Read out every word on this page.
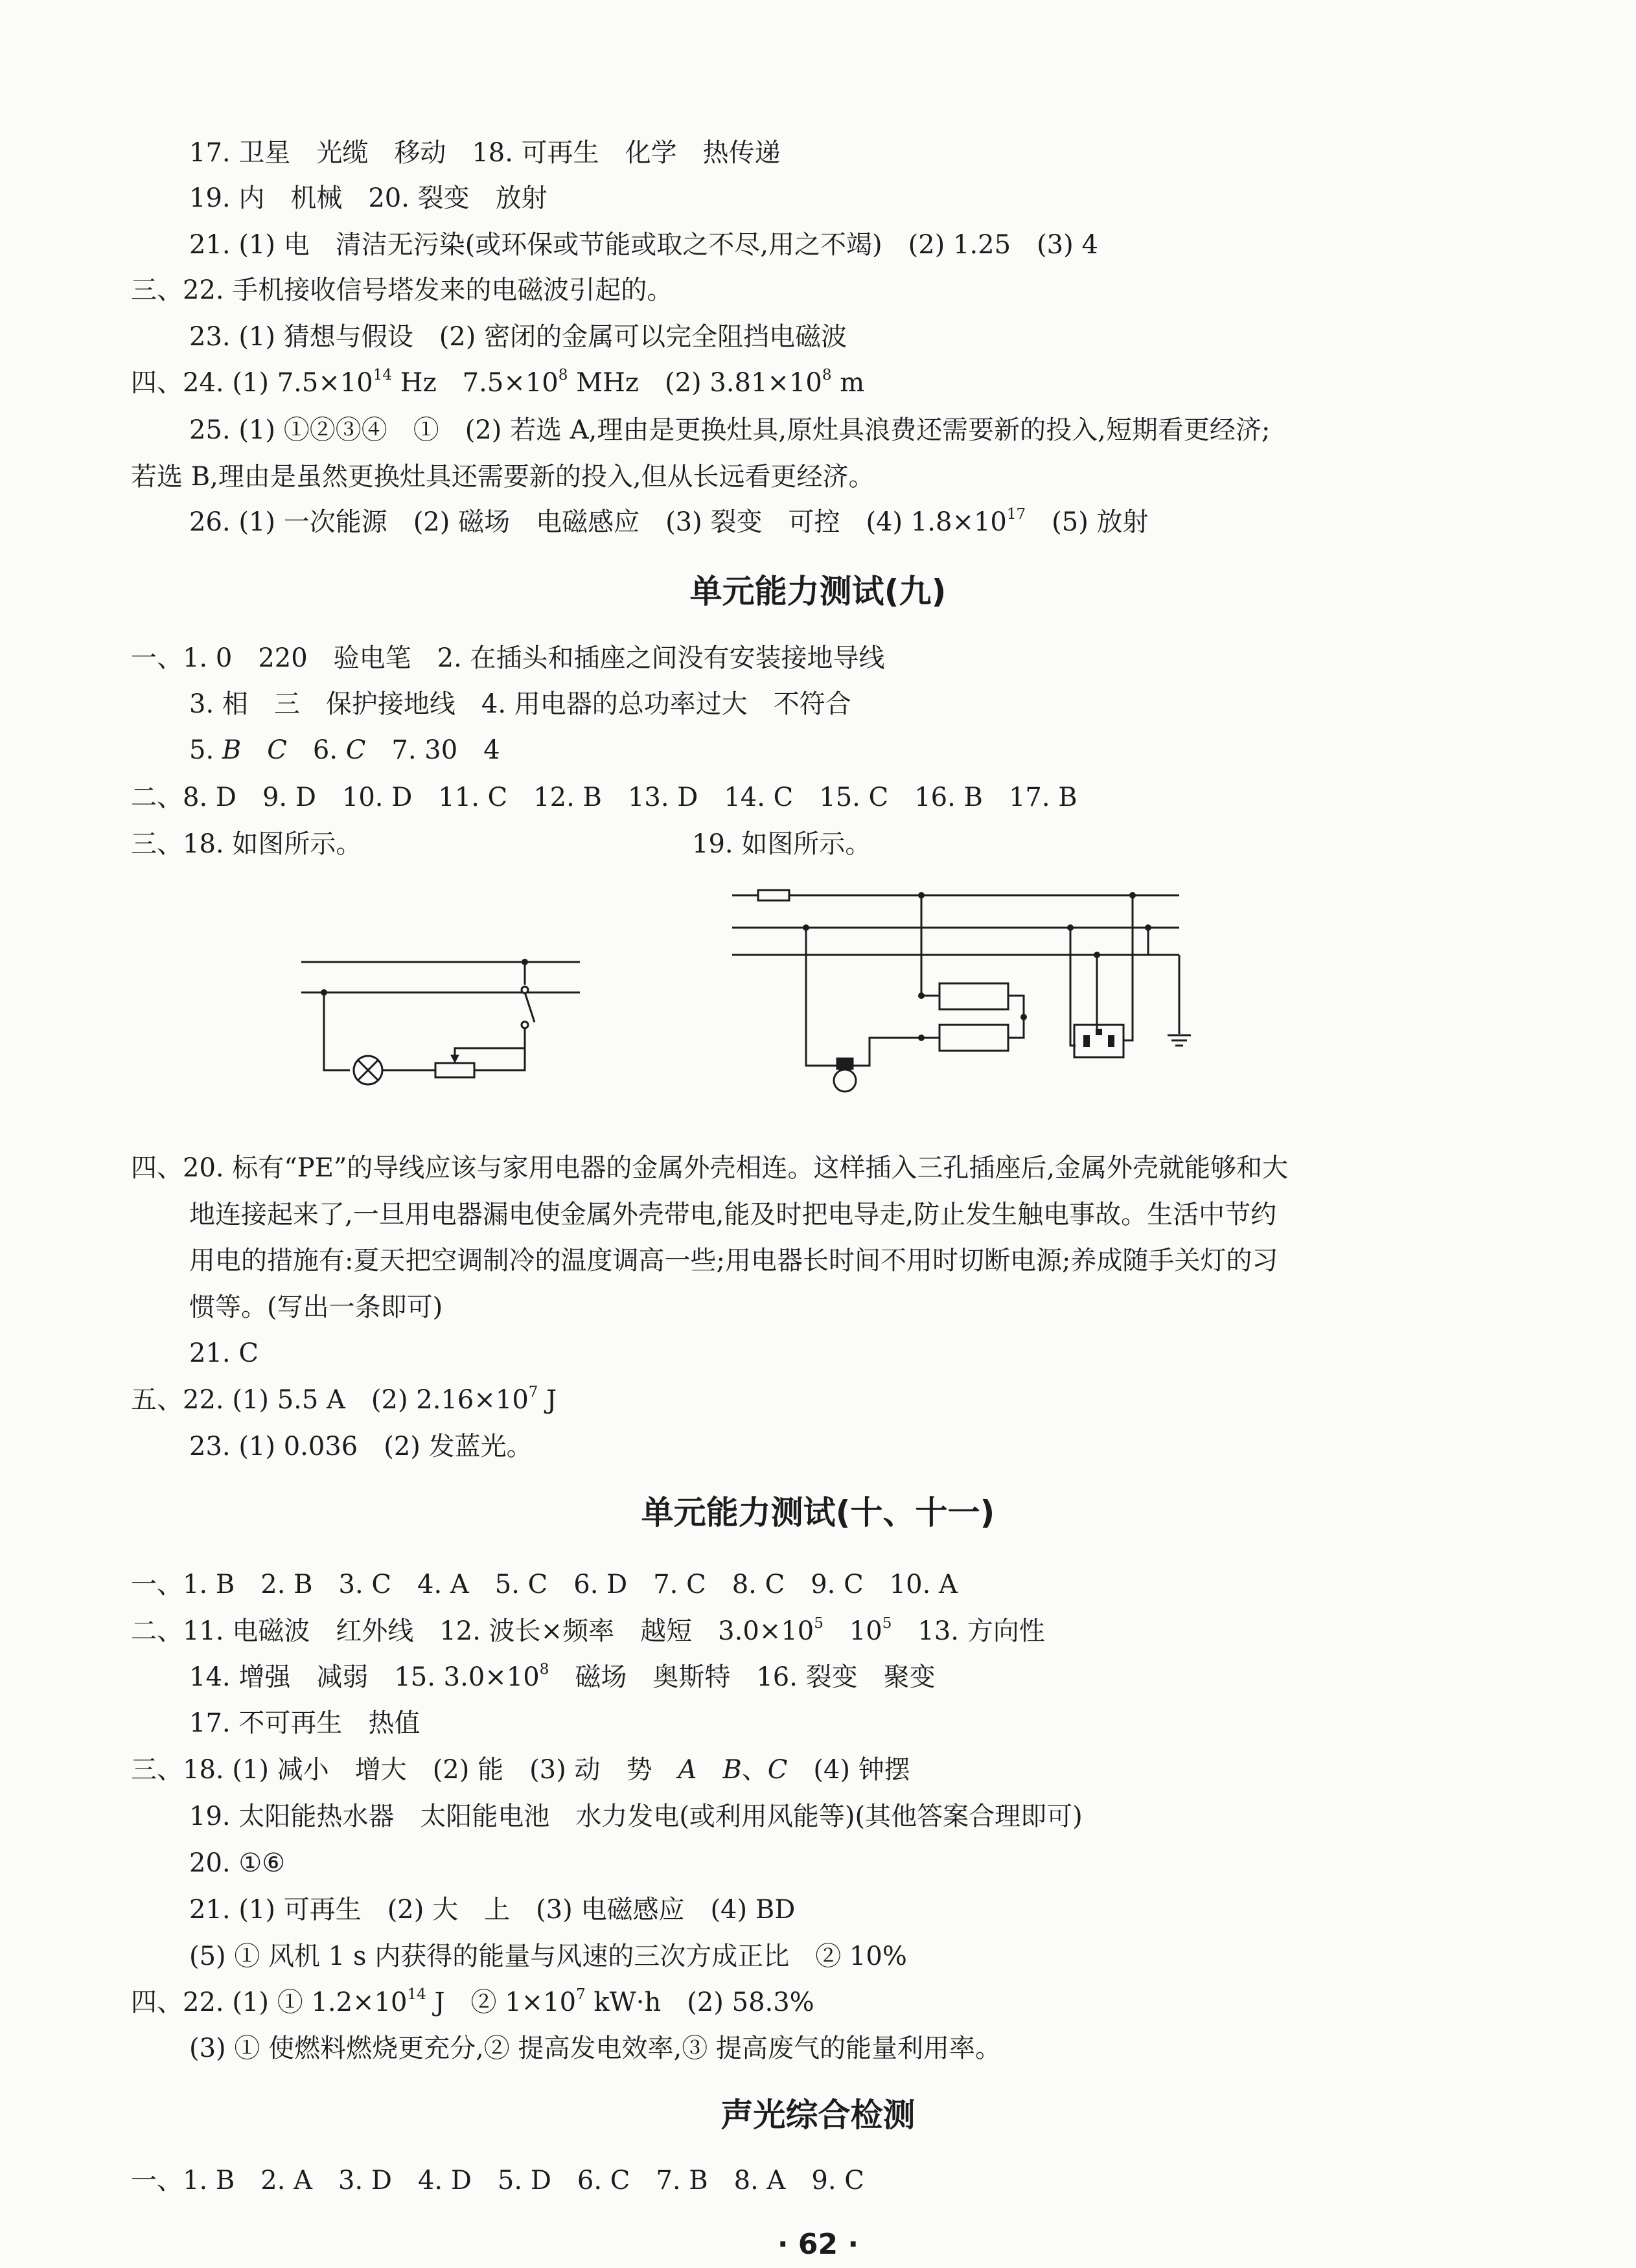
17. 卫星　光缆　移动　18. 可再生　化学　热传递
19. 内　机械　20. 裂变　放射
21. (1) 电　清洁无污染(或环保或节能或取之不尽,用之不竭)　(2) 1.25　(3) 4
三、22. 手机接收信号塔发来的电磁波引起的。
23. (1) 猜想与假设　(2) 密闭的金属可以完全阻挡电磁波
四、24. (1) $7.5\times 10^{14}$ Hz　$7.5\times 10^8$ MHz　(2) $3.81\times 10^8$ m
25. (1) ①②③④　①　(2) 若选 A,理由是更换灶具,原灶具浪费还需要新的投入,短期看更经济;
若选 B,理由是虽然更换灶具还需要新的投入,但从长远看更经济。
26. (1) 一次能源　(2) 磁场　电磁感应　(3) 裂变　可控　(4) $1.8\times 10^{17}$　(5) 放射
单元能力测试(九)
一、1. 0　220　验电笔　2. 在插头和插座之间没有安装接地导线
3. 相　三　保护接地线　4. 用电器的总功率过大　不符合
5. B　 C　6. C　7. 30　4
二、8. D　9. D　10. D　11. C　12. B　13. D　14. C　15. C　16. B　17. B
三、18. 如图所示。	19. 如图所示。
四、20. 标有“PE”的导线应该与家用电器的金属外壳相连。这样插入三孔插座后,金属外壳就能够和大
地连接起来了,一旦用电器漏电使金属外壳带电,能及时把电导走,防止发生触电事故。生活中节约
用电的措施有:夏天把空调制冷的温度调高一些;用电器长时间不用时切断电源;养成随手关灯的习
惯等。(写出一条即可)
21. C
五、22. (1) 5.5 A　(2) $2.16\times 10^7$ J
23. (1) 0.036　(2) 发蓝光。
单元能力测试(十、十一)
一、1. B　2. B　3. C　4. A　5. C　6. D　7. C　8. C　9. C　10. A
二、11. 电磁波　红外线　12. 波长×频率　越短　$3.0\times 10^5$　$10^5$　13. 方向性
14. 增强　减弱　15. $3.0\times 10^8$　磁场　奥斯特　16. 裂变　聚变
17. 不可再生　热值
三、18. (1) 减小　增大　(2) 能　(3) 动　势　A　 B、C　(4) 钟摆
19. 太阳能热水器　太阳能电池　水力发电(或利用风能等)(其他答案合理即可)
20. ①⑥
21. (1) 可再生　(2) 大　上　(3) 电磁感应　(4) BD
(5) ① 风机 1 s 内获得的能量与风速的三次方成正比　② 10%
四、22. (1) ① $1.2\times 10^{14}$ J　② $1\times 10^7$ kW·h　(2) 58.3%
(3) ① 使燃料燃烧更充分,② 提高发电效率,③ 提高废气的能量利用率。
声光综合检测
一、1. B　2. A　3. D　4. D　5. D　6. C　7. B　8. A　9. C
· 62 ·
